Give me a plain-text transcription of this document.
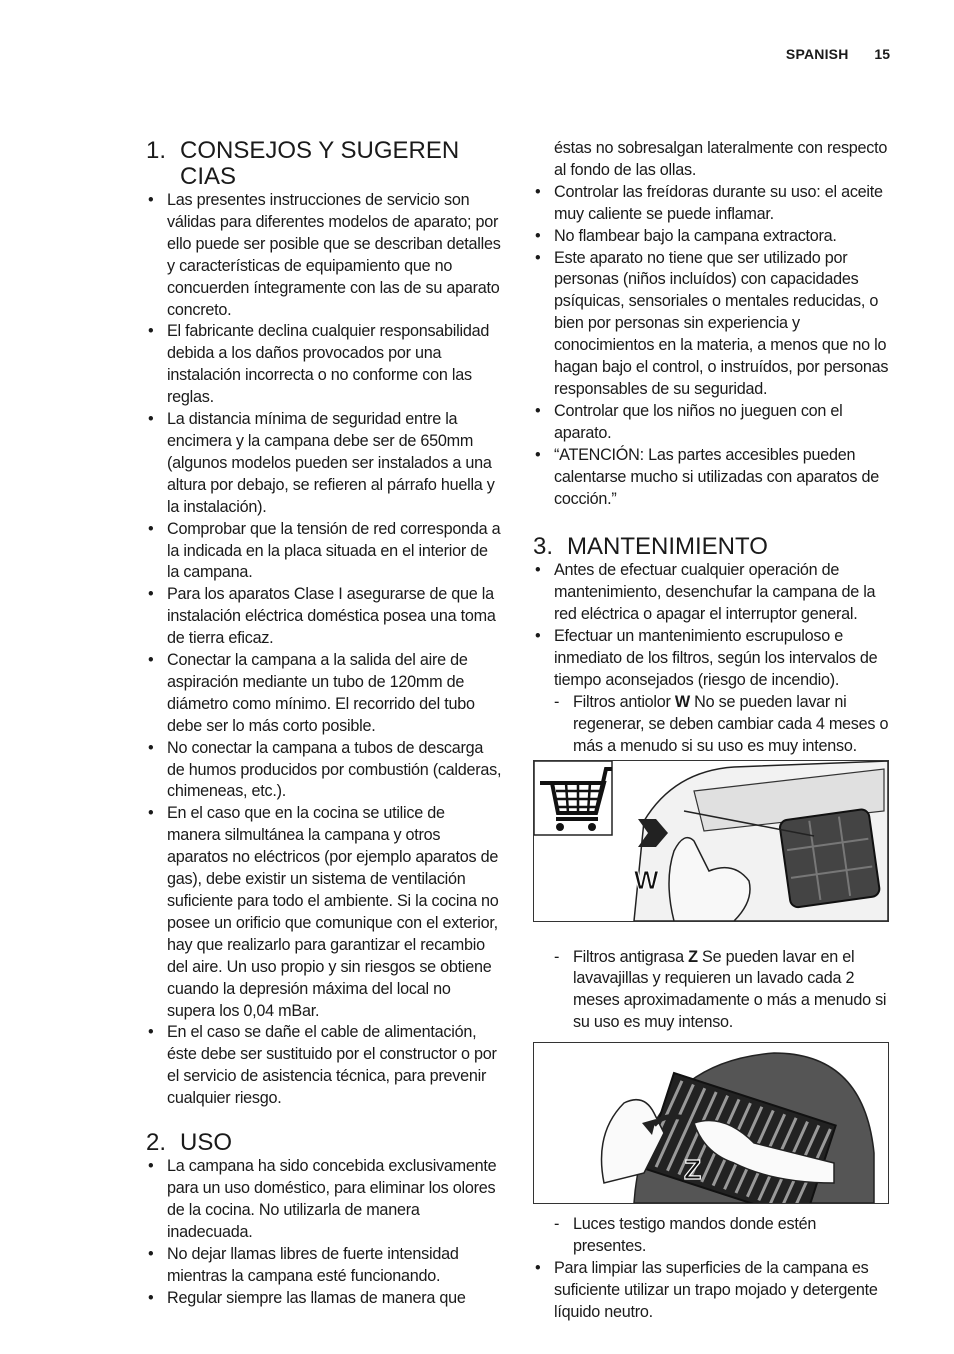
SPANISH 15
1. CONSEJOS Y SUGEREN CIAS
• Las presentes instrucciones de servicio son válidas para diferentes modelos de aparato; por ello puede ser posible que se describan detalles y características de equipamiento que no concuerden íntegramente con las de su aparato concreto.
• El fabricante declina cualquier responsabilidad debida a los daños provocados por una instalación incorrecta o no conforme con las reglas.
• La distancia mínima de seguridad entre la encimera y la campana debe ser de 650mm (algunos modelos pueden ser instalados a una altura por debajo, se refieren al párrafo huella y la instalación).
• Comprobar que la tensión de red corresponda a la indicada en la placa situada en el interior de la campana.
• Para los aparatos Clase I asegurarse de que la instalación eléctrica doméstica posea una toma de tierra eficaz.
• Conectar la campana a la salida del aire de aspiración mediante un tubo de 120mm de diámetro como mínimo. El recorrido del tubo debe ser lo más corto posible.
• No conectar la campana a tubos de descarga de humos producidos por combustión (calderas, chimeneas, etc.).
• En el caso que en la cocina se utilice de manera silmultánea la campana y otros aparatos no eléctricos (por ejemplo aparatos de gas), debe existir un sistema de ventilación suficiente para todo el ambiente. Si la cocina no posee un orificio que comunique con el exterior, hay que realizarlo para garantizar el recambio del aire. Un uso propio y sin riesgos se obtiene cuando la depresión máxima del local no supera los 0,04 mBar.
• En el caso se dañe el cable de alimentación, éste debe ser sustituido por el constructor o por el servicio de asistencia técnica, para prevenir cualquier riesgo.
2. USO
• La campana ha sido concebida exclusivamente para un uso doméstico, para eliminar los olores de la cocina. No utilizarla de manera inadecuada.
• No dejar llamas libres de fuerte intensidad mientras la campana esté funcionando.
• Regular siempre las llamas de manera que
éstas no sobresalgan lateralmente con respecto al fondo de las ollas.
• Controlar las freídoras durante su uso: el aceite muy caliente se puede inflamar.
• No flambear bajo la campana extractora.
• Este aparato no tiene que ser utilizado por personas (niños incluídos) con capacidades psíquicas, sensoriales o mentales reducidas, o bien por personas sin experiencia y conocimientos en la materia, a menos que no lo hagan bajo el control, o instruídos, por personas responsables de su seguridad.
• Controlar que los niños no jueguen con el aparato.
• “ATENCIÓN: Las partes accesibles pueden calentarse mucho si utilizadas con aparatos de cocción.”
3. MANTENIMIENTO
• Antes de efectuar cualquier operación de mantenimiento, desenchufar la campana de la red eléctrica o apagar el interruptor general.
• Efectuar un mantenimiento escrupuloso e inmediato de los filtros, según los intervalos de tiempo aconsejados (riesgo de incendio).
- Filtros antiolor W No se pueden lavar ni regenerar, se deben cambiar cada 4 meses o más a menudo si su uso es muy intenso.
W
- Filtros antigrasa Z Se pueden lavar en el lavavajillas y requieren un lavado cada 2 meses aproximadamente o más a menudo si su uso es muy intenso.
Z
- Luces testigo mandos donde estén presentes.
• Para limpiar las superficies de la campana es suficiente utilizar un trapo mojado y detergente líquido neutro.
